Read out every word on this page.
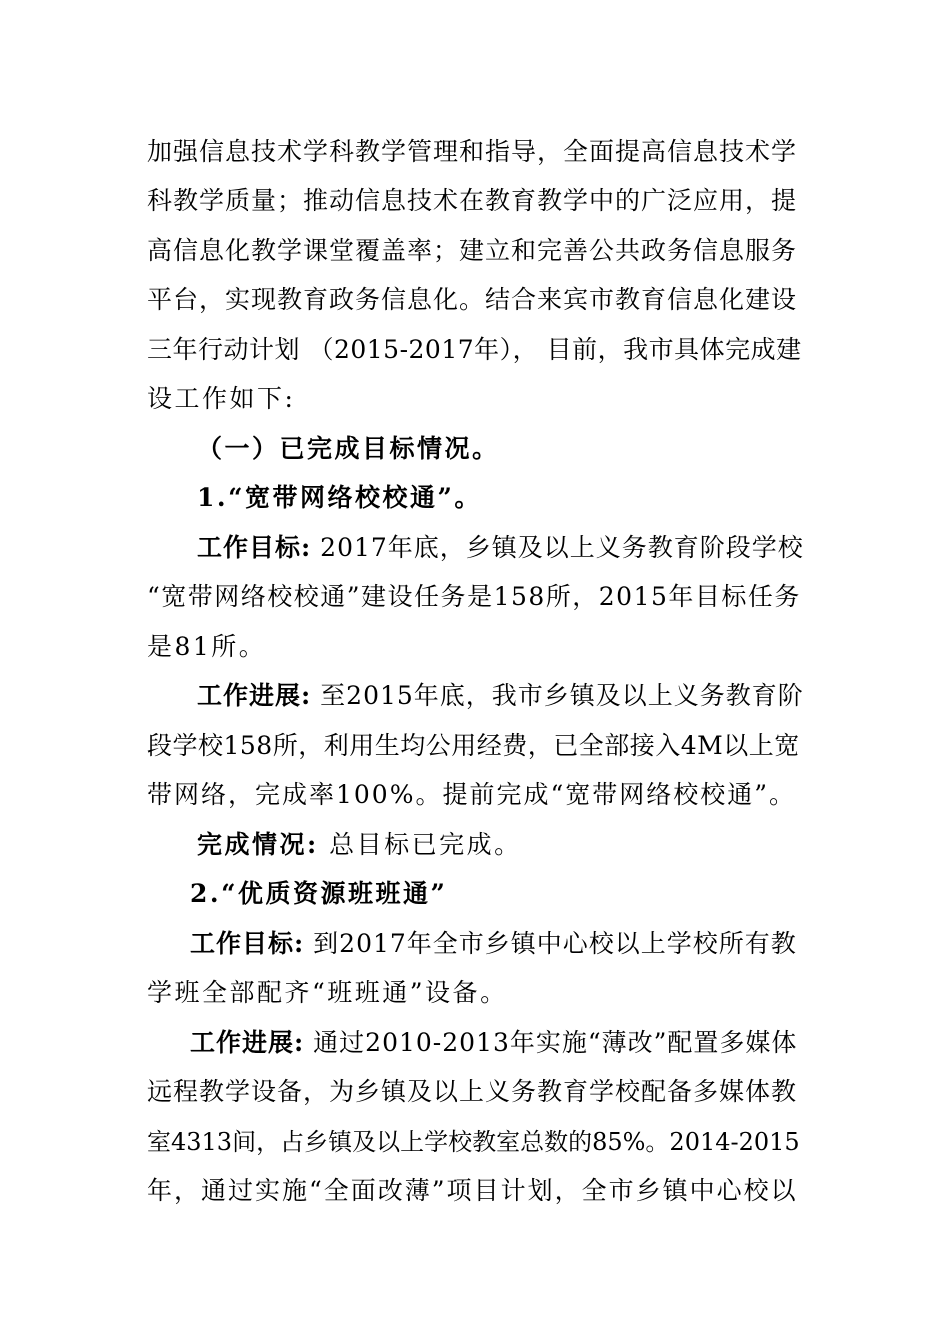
加强信息技术学科教学管理和指导，全面提高信息技术学
科教学质量；推动信息技术在教育教学中的广泛应用，提
高信息化教学课堂覆盖率；建立和完善公共政务信息服务
平台，实现教育政务信息化。结合来宾市教育信息化建设
三年行动计划 （2015-2017年）， 目前，我市具体完成建
设工作如下:
（一）已完成目标情况。
1.“宽带网络校校通”。
工作目标: 2017年底，乡镇及以上义务教育阶段学校
“宽带网络校校通”建设任务是158所，2015年目标任务
是81所。
工作进展: 至2015年底，我市乡镇及以上义务教育阶
段学校158所，利用生均公用经费，已全部接入4M以上宽
带网络，完成率100%。提前完成“宽带网络校校通”。
完成情况: 总目标已完成。
2.“优质资源班班通”
工作目标: 到2017年全市乡镇中心校以上学校所有教
学班全部配齐“班班通”设备。
工作进展: 通过2010-2013年实施“薄改”配置多媒体
远程教学设备，为乡镇及以上义务教育学校配备多媒体教
室4313间，占乡镇及以上学校教室总数的85%。2014-2015
年，通过实施“全面改薄”项目计划，全市乡镇中心校以
